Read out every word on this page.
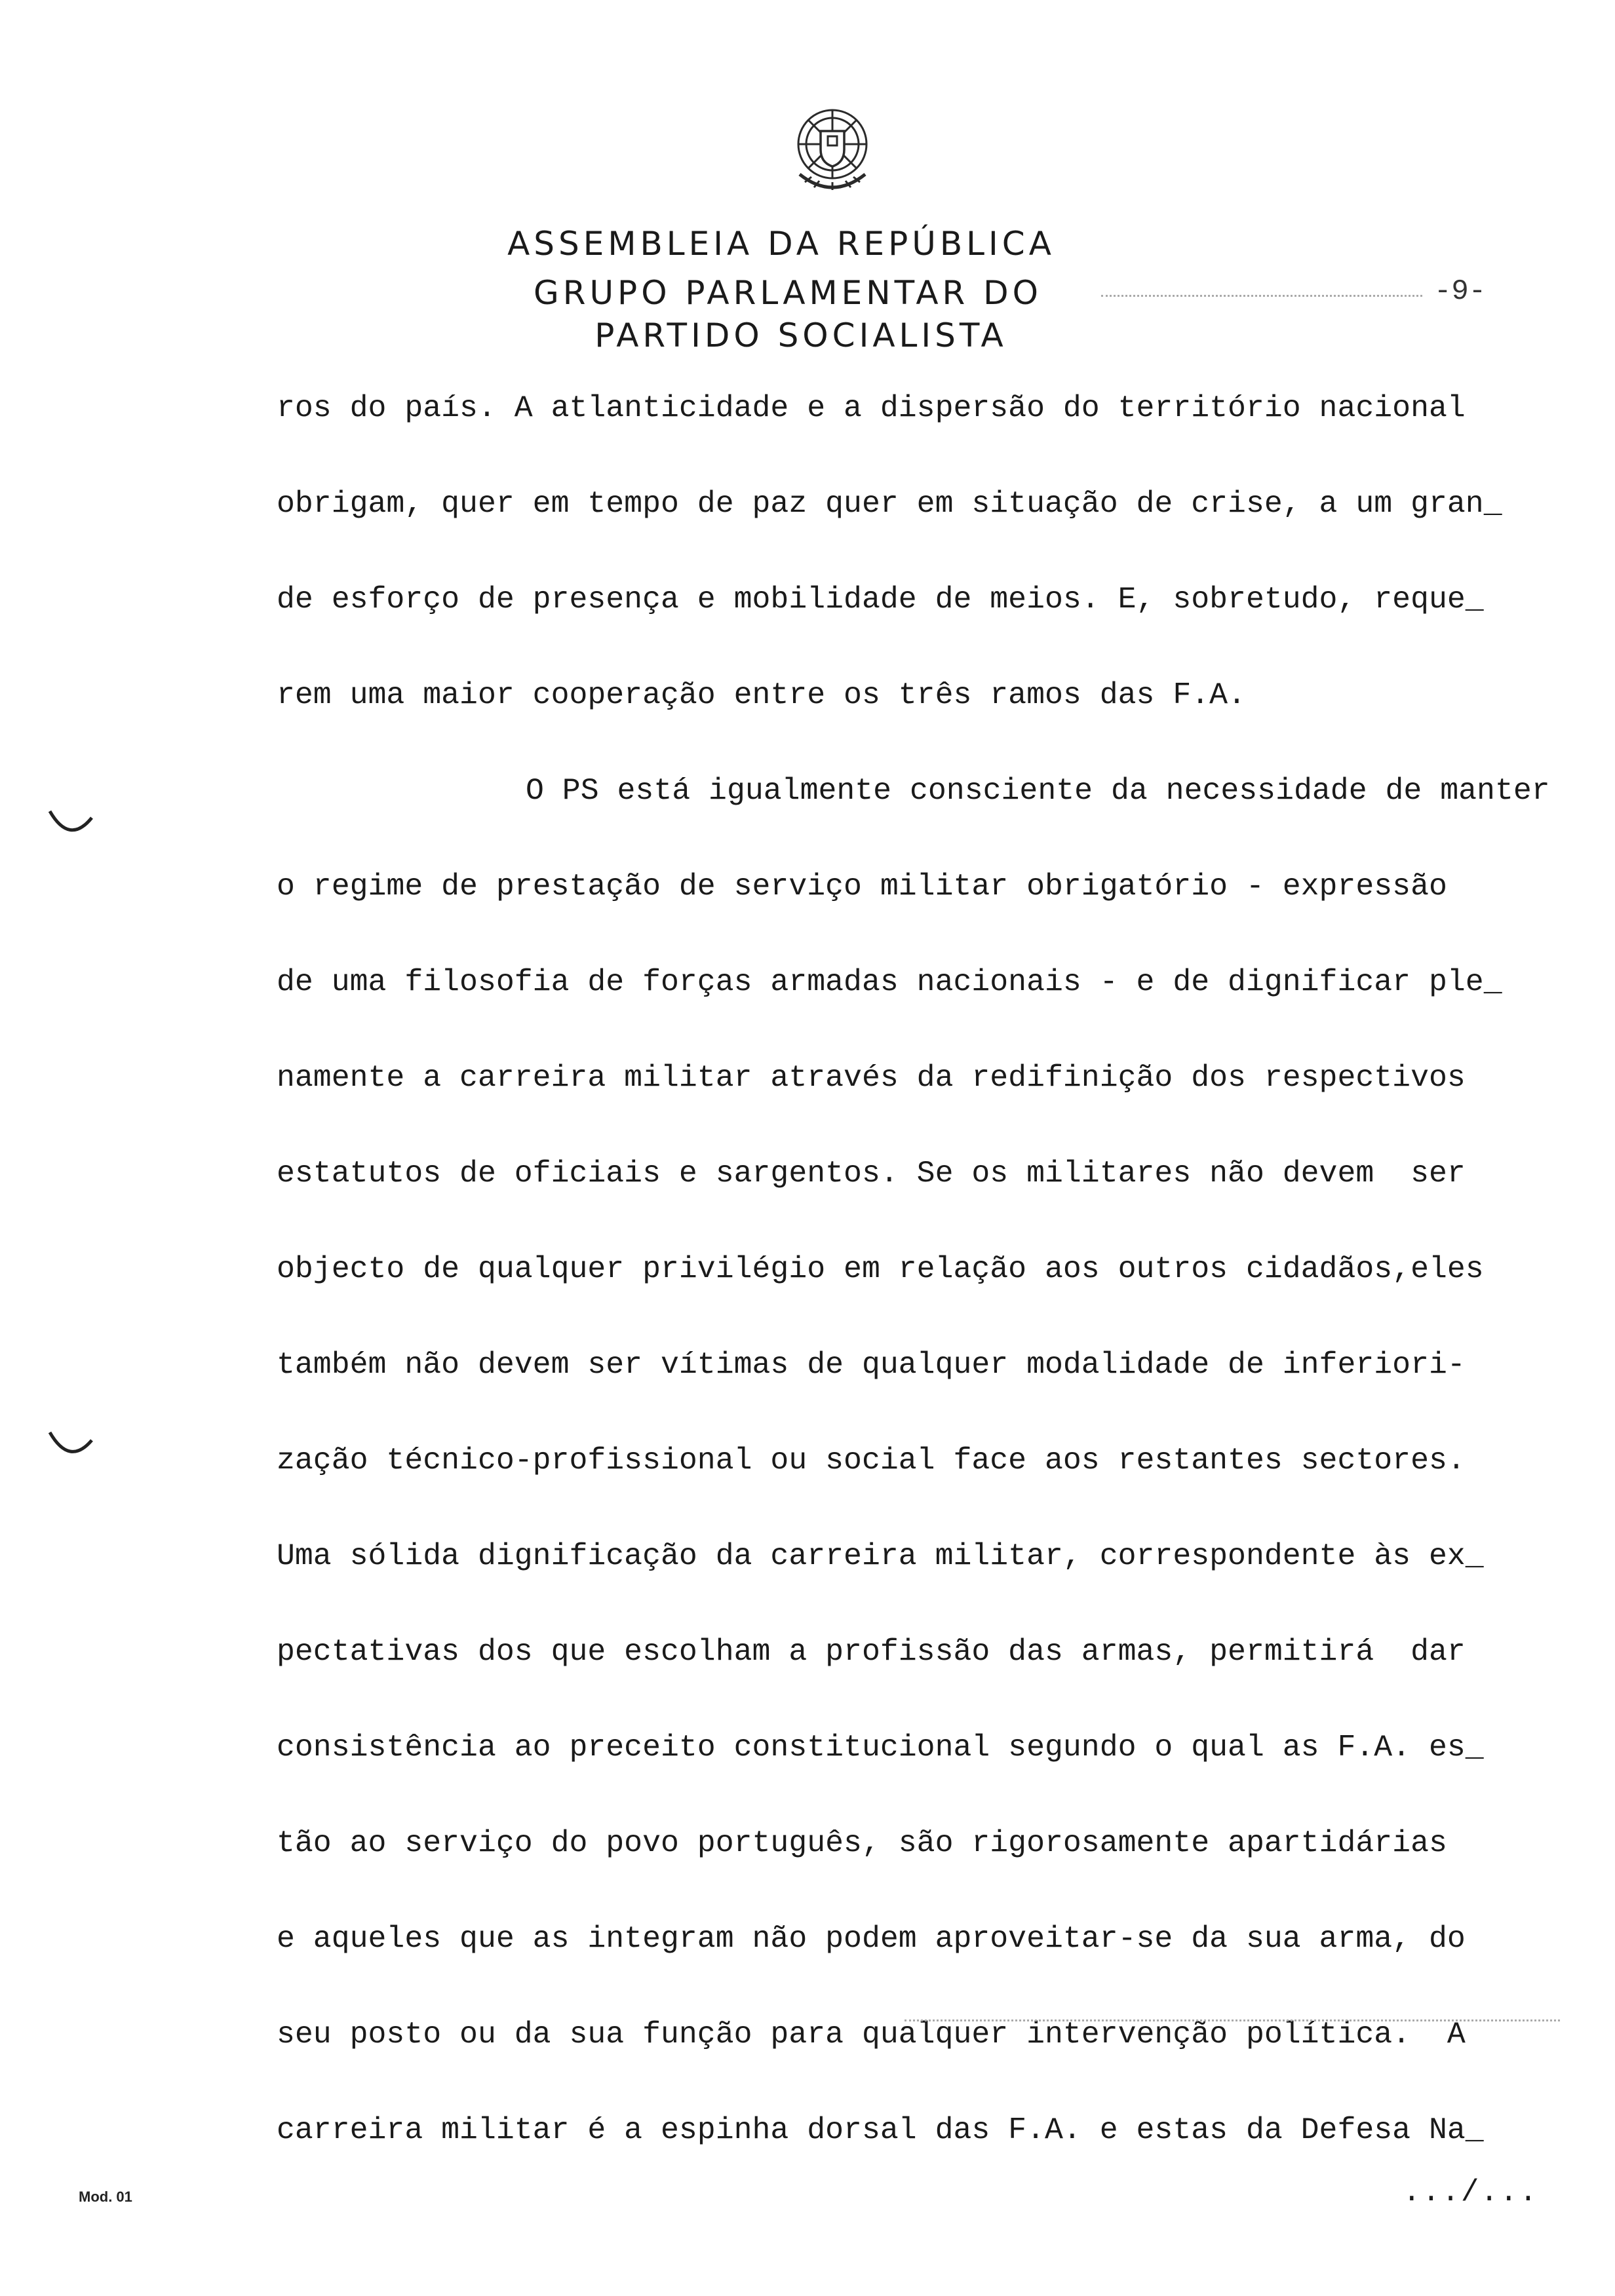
ASSEMBLEIA DA REPÚBLICA
GRUPO PARLAMENTAR DO
PARTIDO SOCIALISTA
-9-

ros do país. A atlanticidade e a dispersão do território nacional

obrigam, quer em tempo de paz quer em situação de crise, a um gran_

de esforço de presença e mobilidade de meios. E, sobretudo, reque_

rem uma maior cooperação entre os três ramos das F.A.

O PS está igualmente consciente da necessidade de manter

o regime de prestação de serviço militar obrigatório - expressão

de uma filosofia de forças armadas nacionais - e de dignificar ple_

namente a carreira militar através da redifinição dos respectivos

estatutos de oficiais e sargentos. Se os militares não devem  ser

objecto de qualquer privilégio em relação aos outros cidadãos,eles

também não devem ser vítimas de qualquer modalidade de inferiori-

zação técnico-profissional ou social face aos restantes sectores.

Uma sólida dignificação da carreira militar, correspondente às ex_

pectativas dos que escolham a profissão das armas, permitirá  dar

consistência ao preceito constitucional segundo o qual as F.A. es_

tão ao serviço do povo português, são rigorosamente apartidárias

e aqueles que as integram não podem aproveitar-se da sua arma, do

seu posto ou da sua função para qualquer intervenção política.  A

carreira militar é a espinha dorsal das F.A. e estas da Defesa Na_

Mod. 01	.../...
